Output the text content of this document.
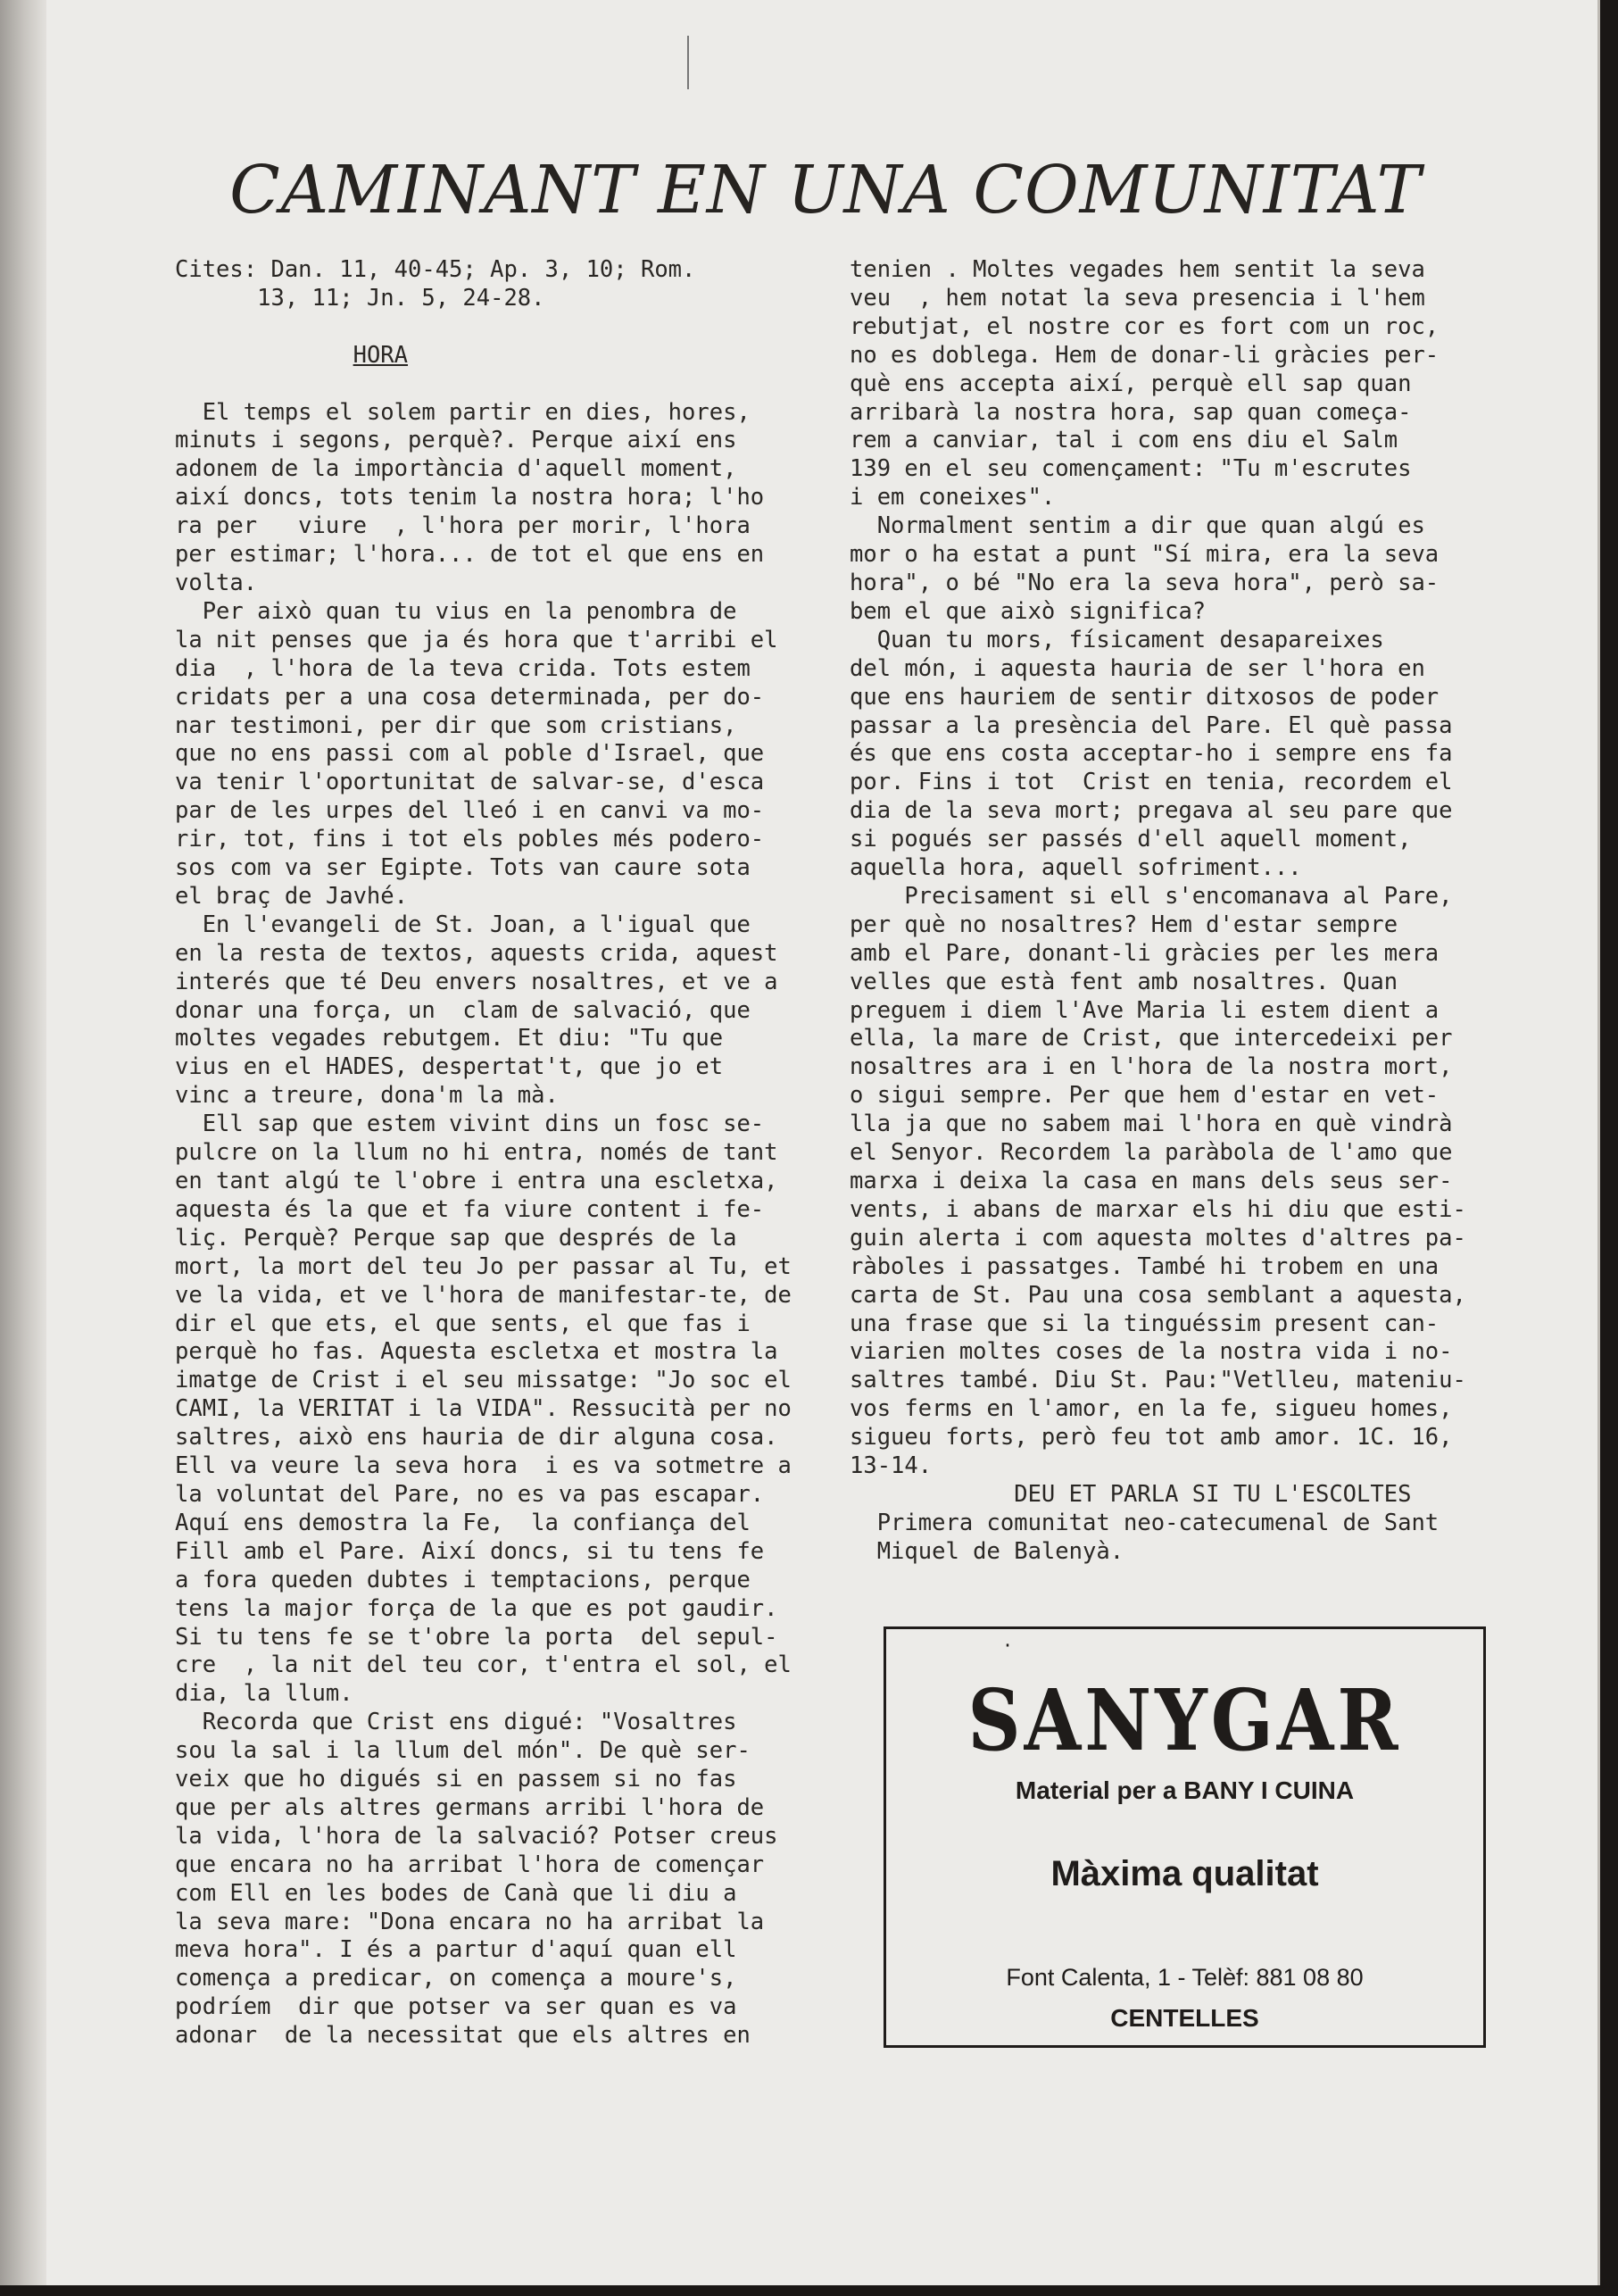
CAMINANT EN UNA COMUNITAT
Cites: Dan. 11, 40-45; Ap. 3, 10; Rom.
13, 11; Jn. 5, 24-28.

HORA

El temps el solem partir en dies, hores,
minuts i segons, perquè?. Perque així ens
adonem de la importància d'aquell moment,
així doncs, tots tenim la nostra hora; l'ho
ra per   viure  , l'hora per morir, l'hora
per estimar; l'hora... de tot el que ens en
volta.
Per això quan tu vius en la penombra de
la nit penses que ja és hora que t'arribi el
dia  , l'hora de la teva crida. Tots estem
cridats per a una cosa determinada, per do-
nar testimoni, per dir que som cristians,
que no ens passi com al poble d'Israel, que
va tenir l'oportunitat de salvar-se, d'esca
par de les urpes del lleó i en canvi va mo-
rir, tot, fins i tot els pobles més podero-
sos com va ser Egipte. Tots van caure sota
el braç de Javhé.
En l'evangeli de St. Joan, a l'igual que
en la resta de textos, aquests crida, aquest
interés que té Deu envers nosaltres, et ve a
donar una força, un  clam de salvació, que
moltes vegades rebutgem. Et diu: "Tu que
vius en el HADES, despertat't, que jo et
vinc a treure, dona'm la mà.
Ell sap que estem vivint dins un fosc se-
pulcre on la llum no hi entra, només de tant
en tant algú te l'obre i entra una escletxa,
aquesta és la que et fa viure content i fe-
liç. Perquè? Perque sap que després de la
mort, la mort del teu Jo per passar al Tu, et
ve la vida, et ve l'hora de manifestar-te, de
dir el que ets, el que sents, el que fas i
perquè ho fas. Aquesta escletxa et mostra la
imatge de Crist i el seu missatge: "Jo soc el
CAMI, la VERITAT i la VIDA". Ressucità per no
saltres, això ens hauria de dir alguna cosa.
Ell va veure la seva hora  i es va sotmetre a
la voluntat del Pare, no es va pas escapar.
Aquí ens demostra la Fe,  la confiança del
Fill amb el Pare. Així doncs, si tu tens fe
a fora queden dubtes i temptacions, perque
tens la major força de la que es pot gaudir.
Si tu tens fe se t'obre la porta  del sepul-
cre  , la nit del teu cor, t'entra el sol, el
dia, la llum.
Recorda que Crist ens digué: "Vosaltres
sou la sal i la llum del món". De què ser-
veix que ho digués si en passem si no fas
que per als altres germans arribi l'hora de
la vida, l'hora de la salvació? Potser creus
que encara no ha arribat l'hora de començar
com Ell en les bodes de Canà que li diu a
la seva mare: "Dona encara no ha arribat la
meva hora". I és a partur d'aquí quan ell
comença a predicar, on comença a moure's,
podríem  dir que potser va ser quan es va
adonar  de la necessitat que els altres en
tenien . Moltes vegades hem sentit la seva
veu  , hem notat la seva presencia i l'hem
rebutjat, el nostre cor es fort com un roc,
no es doblega. Hem de donar-li gràcies per-
què ens accepta així, perquè ell sap quan
arribarà la nostra hora, sap quan começa-
rem a canviar, tal i com ens diu el Salm
139 en el seu començament: "Tu m'escrutes
i em coneixes".
Normalment sentim a dir que quan algú es
mor o ha estat a punt "Sí mira, era la seva
hora", o bé "No era la seva hora", però sa-
bem el que això significa?
Quan tu mors, físicament desapareixes
del món, i aquesta hauria de ser l'hora en
que ens hauriem de sentir ditxosos de poder
passar a la presència del Pare. El què passa
és que ens costa acceptar-ho i sempre ens fa
por. Fins i tot  Crist en tenia, recordem el
dia de la seva mort; pregava al seu pare que
si pogués ser passés d'ell aquell moment,
aquella hora, aquell sofriment...
Precisament si ell s'encomanava al Pare,
per què no nosaltres? Hem d'estar sempre
amb el Pare, donant-li gràcies per les mera
velles que està fent amb nosaltres. Quan
preguem i diem l'Ave Maria li estem dient a
ella, la mare de Crist, que intercedeixi per
nosaltres ara i en l'hora de la nostra mort,
o sigui sempre. Per que hem d'estar en vet-
lla ja que no sabem mai l'hora en què vindrà
el Senyor. Recordem la paràbola de l'amo que
marxa i deixa la casa en mans dels seus ser-
vents, i abans de marxar els hi diu que esti-
guin alerta i com aquesta moltes d'altres pa-
ràboles i passatges. També hi trobem en una
carta de St. Pau una cosa semblant a aquesta,
una frase que si la tinguéssim present can-
viarien moltes coses de la nostra vida i no-
saltres també. Diu St. Pau:"Vetlleu, mateniu-
vos ferms en l'amor, en la fe, sigueu homes,
sigueu forts, però feu tot amb amor. 1C. 16,
13-14.
DEU ET PARLA SI TU L'ESCOLTES
Primera comunitat neo-catecumenal de Sant
Miquel de Balenyà.
·
SANYGAR
Material per a BANY I CUINA
Màxima qualitat
Font Calenta, 1 - Telèf: 881 08 80
CENTELLES
